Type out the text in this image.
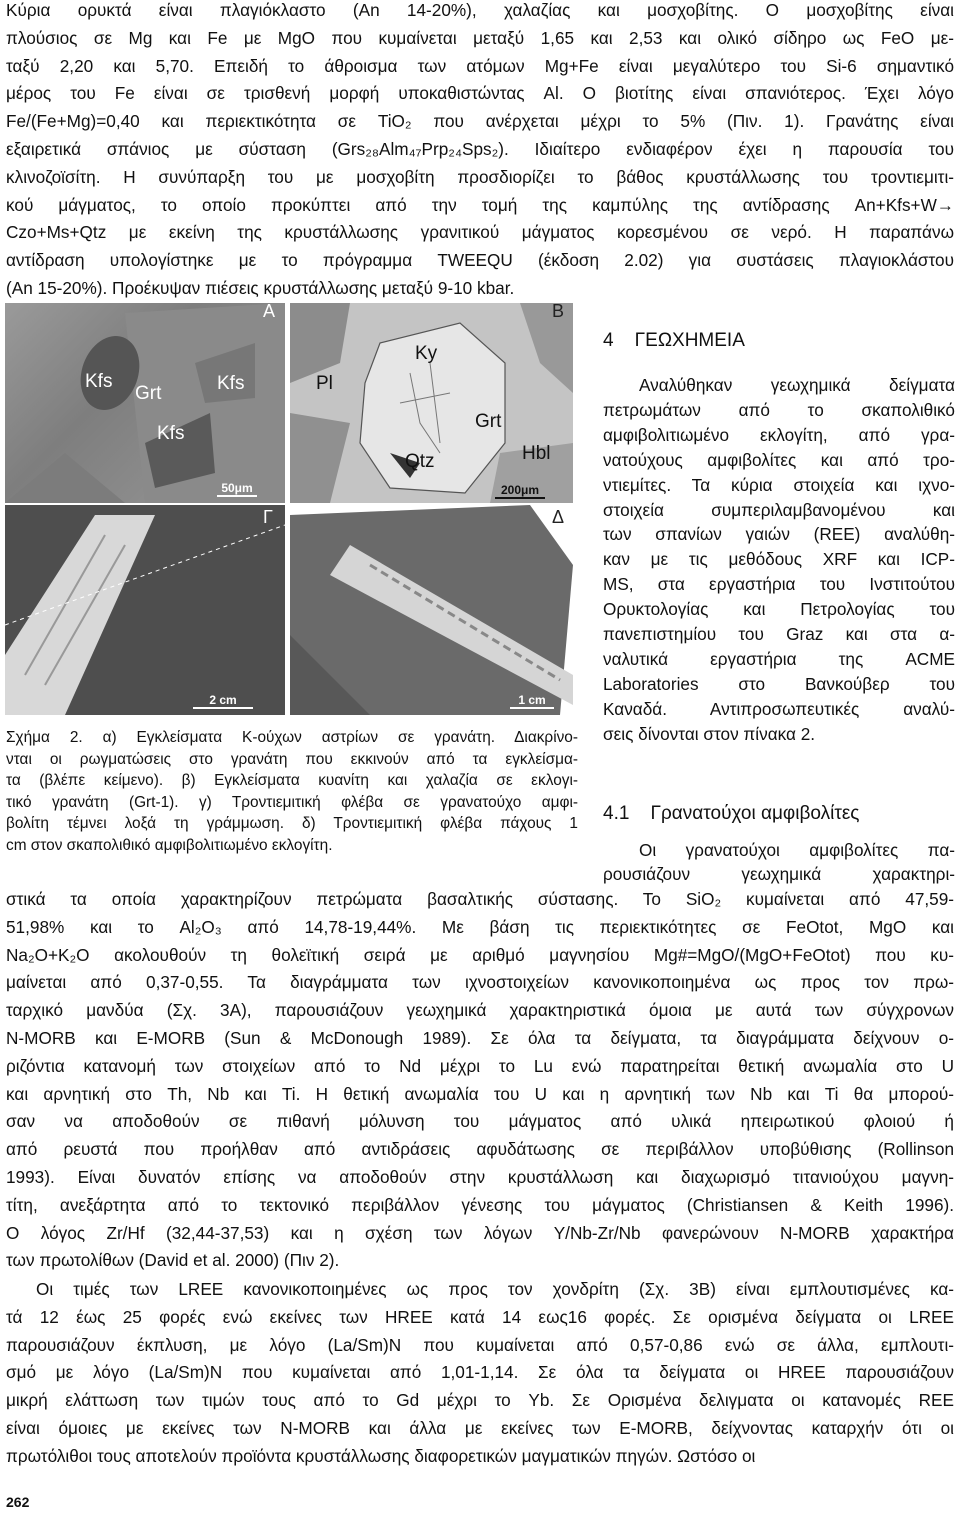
Κύρια ορυκτά είναι πλαγιόκλαστο (An 14-20%), χαλαζίας και μοσχοβίτης. Ο μοσχοβίτης είναι
πλούσιος σε Mg και Fe με MgO που κυμαίνεται μεταξύ 1,65 και 2,53 και ολικό σίδηρο ως FeO με-
ταξύ 2,20 και 5,70. Επειδή το άθροισμα των ατόμων Mg+Fe είναι μεγαλύτερο του Si-6 σημαντικό
μέρος του Fe είναι σε τρισθενή μορφή υποκαθιστώντας Al. Ο βιοτίτης είναι σπανιότερος. Έχει λόγο
Fe/(Fe+Mg)=0,40 και περιεκτικότητα σε TiO₂ που ανέρχεται μέχρι το 5% (Πιν. 1). Γρανάτης είναι
εξαιρετικά σπάνιος με σύσταση (Grs₂₈Alm₄₇Prp₂₄Sps₂). Ιδιαίτερο ενδιαφέρον έχει η παρουσία του
κλινοζοϊσίτη. Η συνύπαρξη του με μοσχοβίτη προσδιορίζει το βάθος κρυστάλλωσης του τροντιεμιτι-
κού μάγματος, το οποίο προκύπτει από την τομή της καμπύλης της αντίδρασης An+Kfs+W→
Czo+Ms+Qtz με εκείνη της κρυστάλλωσης γρανιτικού μάγματος κορεσμένου σε νερό. Η παραπάνω
αντίδραση υπολογίστηκε με το πρόγραμμα TWEEQU (έκδοση 2.02) για συστάσεις πλαγιοκλάστου
(An 15-20%). Προέκυψαν πιέσεις κρυστάλλωσης μεταξύ 9-10 kbar.
Kfs
Grt	Kfs
Kfs
A
50μm
Ky
Pl
Grt
Qtz	Hbl
B
200μm
Γ
2 cm
Δ
1 cm
Σχήμα 2. α) Εγκλείσματα Κ-ούχων αστρίων σε γρανάτη. Διακρίνο-
νται οι ρωγματώσεις στο γρανάτη που εκκινούν από τα εγκλείσμα-
τα (βλέπε κείμενο). β) Εγκλείσματα κυανίτη και χαλαζία σε εκλογι-
τικό γρανάτη (Grt-1). γ) Τροντιεμιτική φλέβα σε γρανατούχο αμφι-
βολίτη τέμνει λοξά τη γράμμωση. δ) Τροντιεμιτική φλέβα πάχους 1
cm στον σκαπολιθικό αμφιβολιτιωμένο εκλογίτη.
4    ΓΕΩΧΗΜΕΙΑ
Αναλύθηκαν γεωχημικά δείγματα
πετρωμάτων από το σκαπολιθικό
αμφιβολιτιωμένο εκλογίτη, από γρα-
νατούχους αμφιβολίτες και από τρο-
ντιεμίτες. Τα κύρια στοιχεία και ιχνο-
στοιχεία συμπεριλαμβανομένου και
των σπανίων γαιών (REE) αναλύθη-
καν με τις μεθόδους XRF και ICP-
MS, στα εργαστήρια του Ινστιτούτου
Ορυκτολογίας και Πετρολογίας του
πανεπιστημίου του Graz και στα α-
ναλυτικά εργαστήρια της ACME
Laboratories στο Βανκούβερ του
Καναδά. Αντιπροσωπευτικές αναλύ-
σεις δίνονται στον πίνακα 2.
4.1    Γρανατούχοι αμφιβολίτες
Οι γρανατούχοι αμφιβολίτες πα-
ρουσιάζουν γεωχημικά χαρακτηρι-
στικά τα οποία χαρακτηρίζουν πετρώματα βασαλτικής σύστασης. Το SiO₂ κυμαίνεται από 47,59-
51,98% και το Al₂O₃ από 14,78-19,44%. Με βάση τις περιεκτικότητες σε FeOtot, MgO και
Na₂O+K₂O ακολουθούν τη θολεϊτική σειρά με αριθμό μαγνησίου Mg#=MgO/(MgO+FeOtot) που κυ-
μαίνεται από 0,37-0,55. Τα διαγράμματα των ιχνοστοιχείων κανονικοποιημένα ως προς τον πρω-
ταρχικό μανδύα (Σχ. 3Α), παρουσιάζουν γεωχημικά χαρακτηριστικά όμοια με αυτά των σύγχρονων
N-MORB και E-MORB (Sun & McDonough 1989). Σε όλα τα δείγματα, τα διαγράμματα δείχνουν ο-
ριζόντια κατανομή των στοιχείων από το Nd μέχρι το Lu ενώ παρατηρείται θετική ανωμαλία στο U
και αρνητική στο Th, Nb και Ti. Η θετική ανωμαλία του U και η αρνητική των Nb και Ti θα μπορού-
σαν να αποδοθούν σε πιθανή μόλυνση του μάγματος από υλικά ηπειρωτικού φλοιού ή
από ρευστά που προήλθαν από αντιδράσεις αφυδάτωσης σε περιβάλλον υποβύθισης (Rollinson
1993). Είναι δυνατόν επίσης να αποδοθούν στην κρυστάλλωση και διαχωρισμό τιτανιούχου μαγνη-
τίτη, ανεξάρτητα από το τεκτονικό περιβάλλον γένεσης του μάγματος (Christiansen & Keith 1996).
Ο λόγος Zr/Hf (32,44-37,53) και η σχέση των λόγων Y/Nb-Zr/Nb φανερώνουν N-MORB χαρακτήρα
των πρωτολίθων (David et al. 2000) (Πιν 2).
Οι τιμές των LREE κανονικοποιημένες ως προς τον χονδρίτη (Σχ. 3Β) είναι εμπλουτισμένες κα-
τά 12 έως 25 φορές ενώ εκείνες των HREE κατά 14 εως16 φορές. Σε ορισμένα δείγματα οι LREE
παρουσιάζουν έκπλυση, με λόγο (La/Sm)N που κυμαίνεται από 0,57-0,86 ενώ σε άλλα, εμπλουτι-
σμό με λόγο (La/Sm)N που κυμαίνεται από 1,01-1,14. Σε όλα τα δείγματα οι HREE παρουσιάζουν
μικρή ελάττωση των τιμών τους από το Gd μέχρι το Yb. Σε Ορισμένα δελιγματα οι κατανομές REE
είναι όμοιες με εκείνες των N-MORB και άλλα με εκείνες των E-MORB, δείχνοντας καταρχήν ότι οι
πρωτόλιθοι τους αποτελούν προϊόντα κρυστάλλωσης διαφορετικών μαγματικών πηγών. Ωστόσο οι
262
